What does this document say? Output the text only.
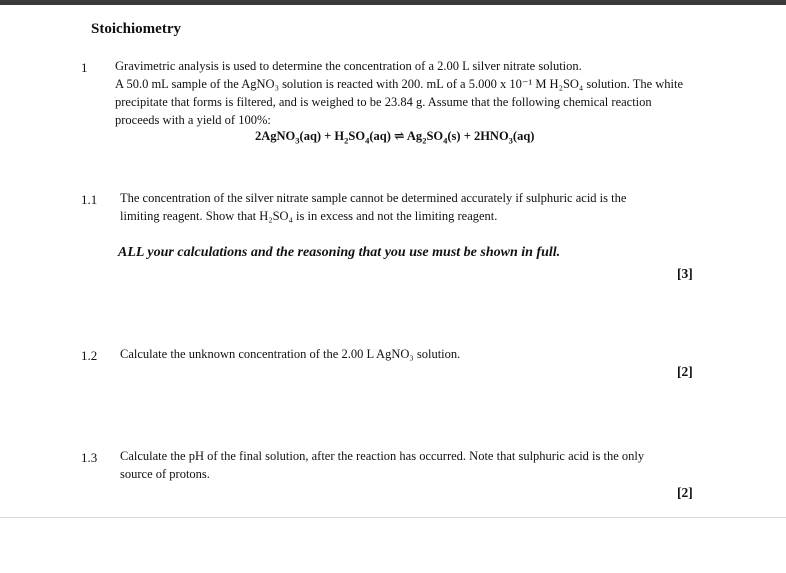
Stoichiometry
1 Gravimetric analysis is used to determine the concentration of a 2.00 L silver nitrate solution.
A 50.0 mL sample of the AgNO₃ solution is reacted with 200. mL of a 5.000 x 10⁻¹ M H₂SO₄ solution. The white
precipitate that forms is filtered, and is weighed to be 23.84 g. Assume that the following chemical reaction
proceeds with a yield of 100%:
2AgNO$_3$(aq) + $H_2SO_4(aq)$ ⇌ $Ag_2SO_4(s) + 2HNO_3(aq)$
1.1 The concentration of the silver nitrate sample cannot be determined accurately if sulphuric acid is the
limiting reagent. Show that H₂SO₄ is in excess and not the limiting reagent.
ALL your calculations and the reasoning that you use must be shown in full.
[3]
1.2 Calculate the unknown concentration of the 2.00 L AgNO₃ solution.
[2]
1.3 Calculate the pH of the final solution, after the reaction has occurred. Note that sulphuric acid is the only
source of protons.
[2]
